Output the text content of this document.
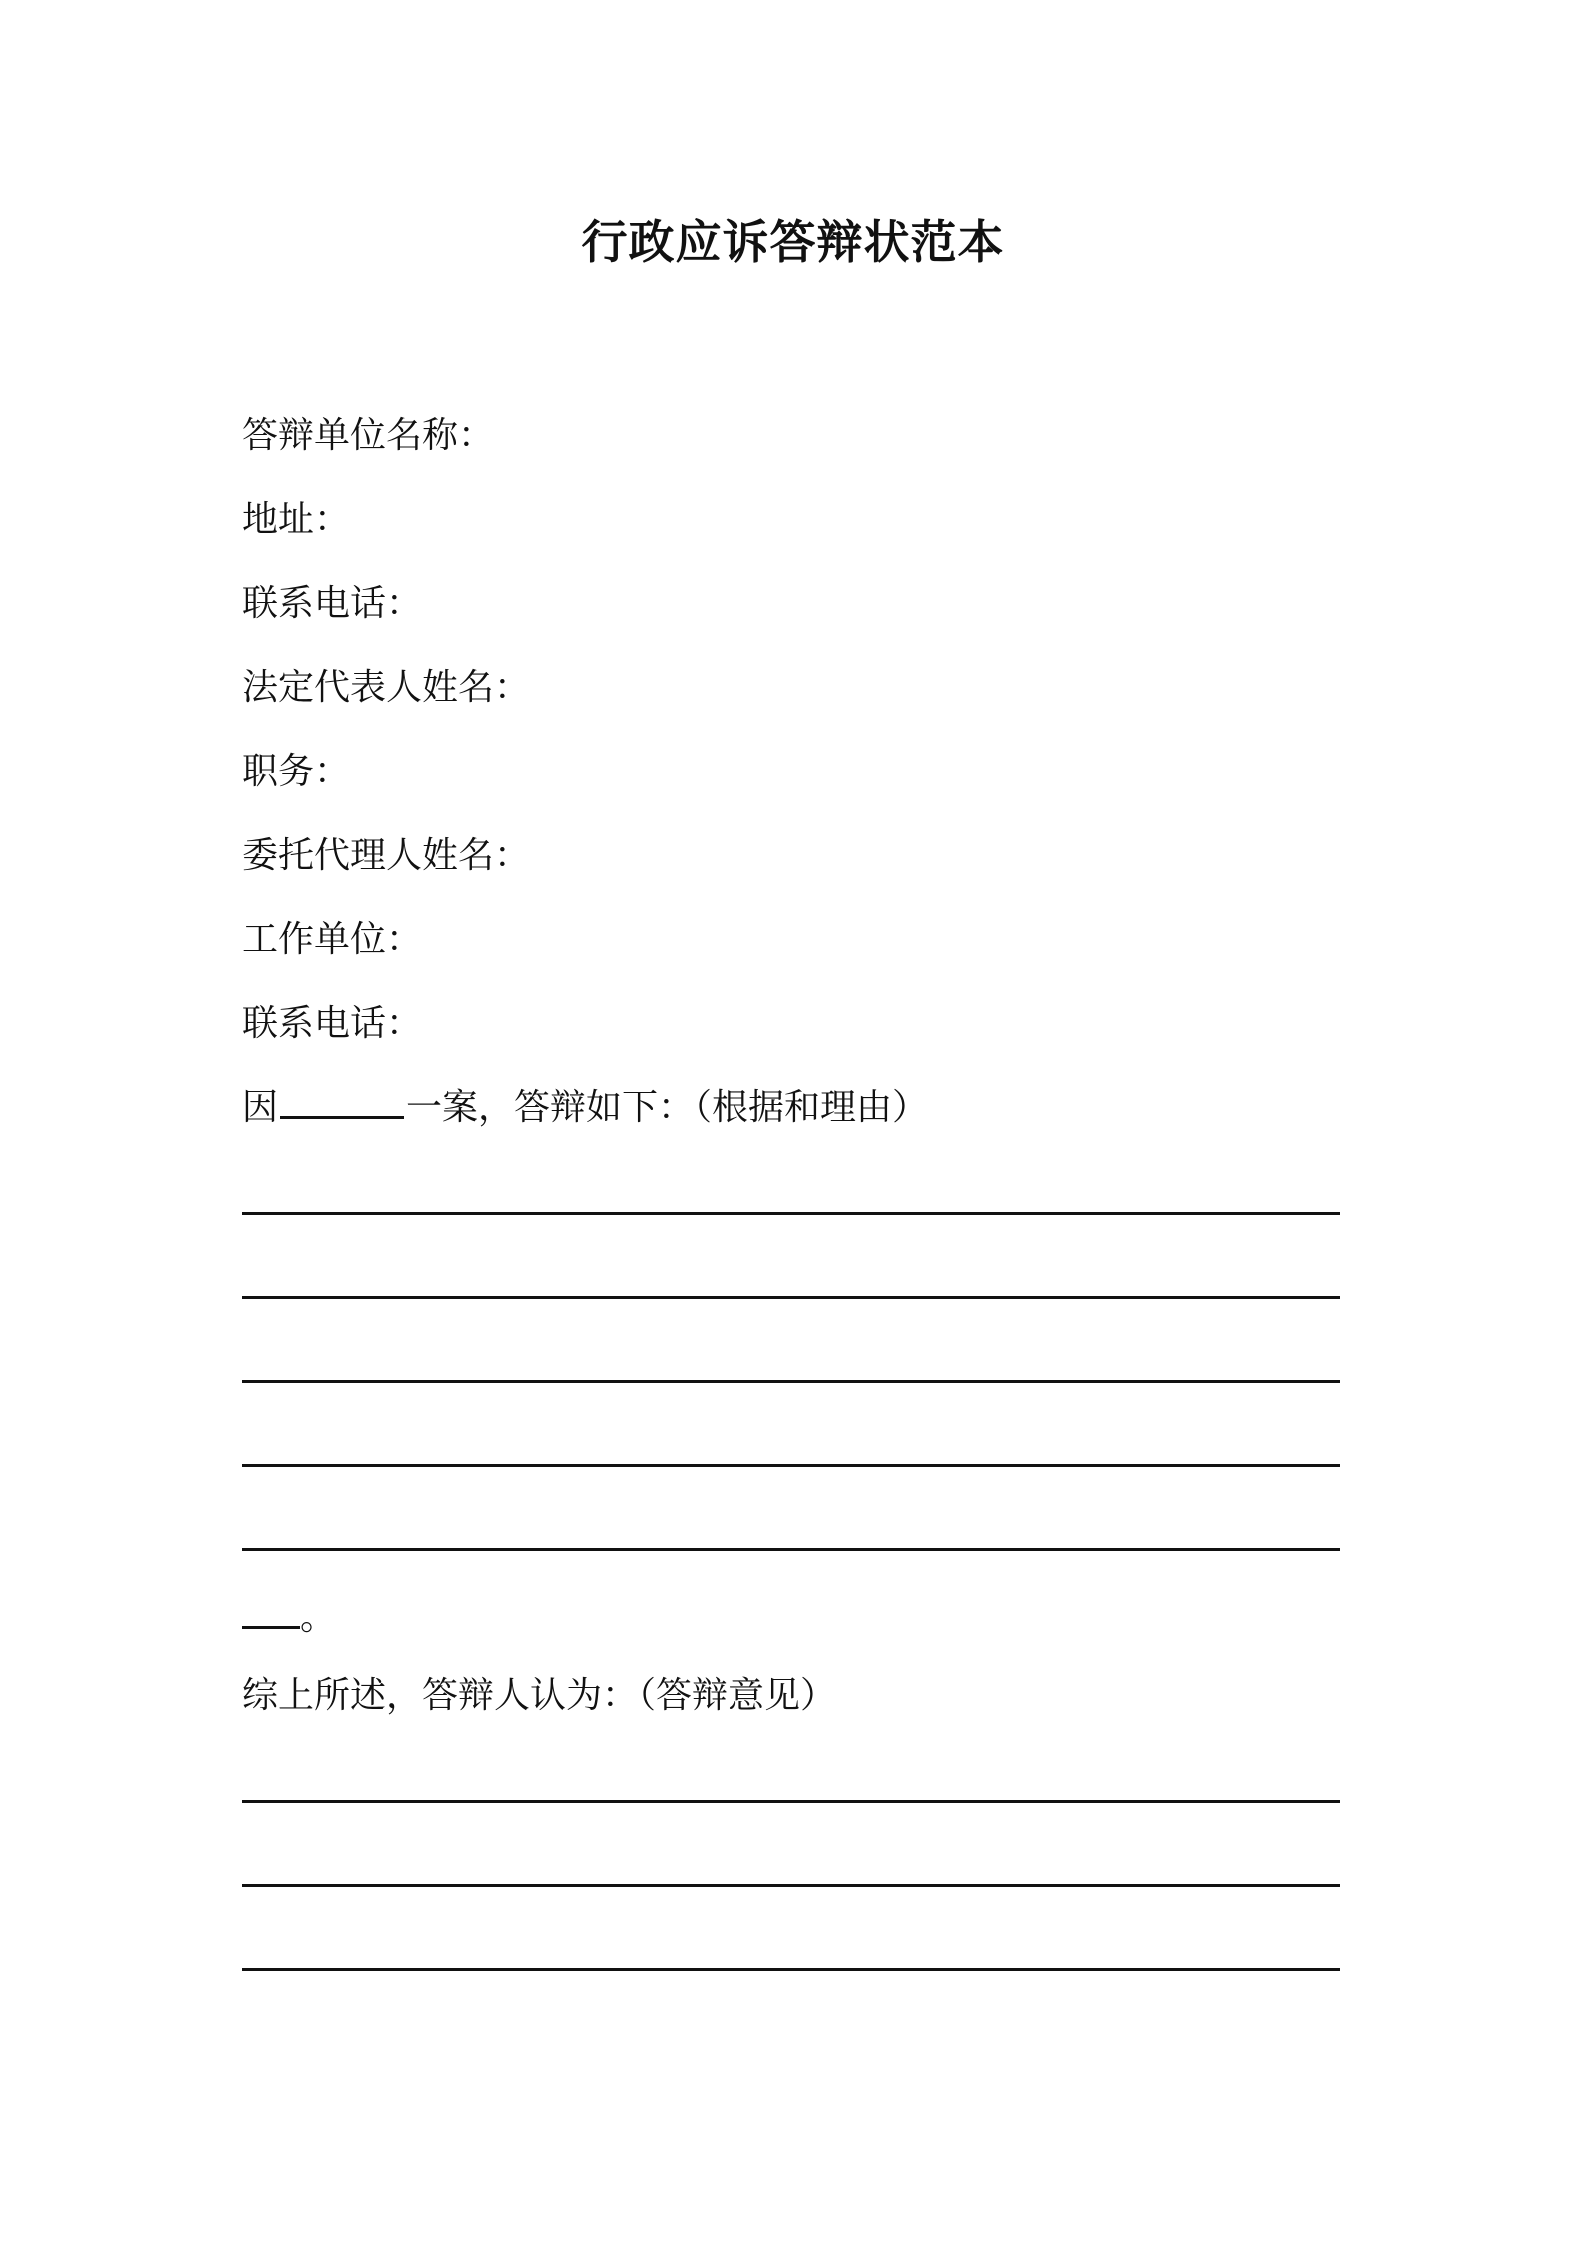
行政应诉答辩状范本
答辩单位名称：
地址：
联系电话：
法定代表人姓名：
职务：
委托代理人姓名：
工作单位：
联系电话：
因	一案，答辩如下：（根据和理由）
。
综上所述，答辩人认为：（答辩意见）
